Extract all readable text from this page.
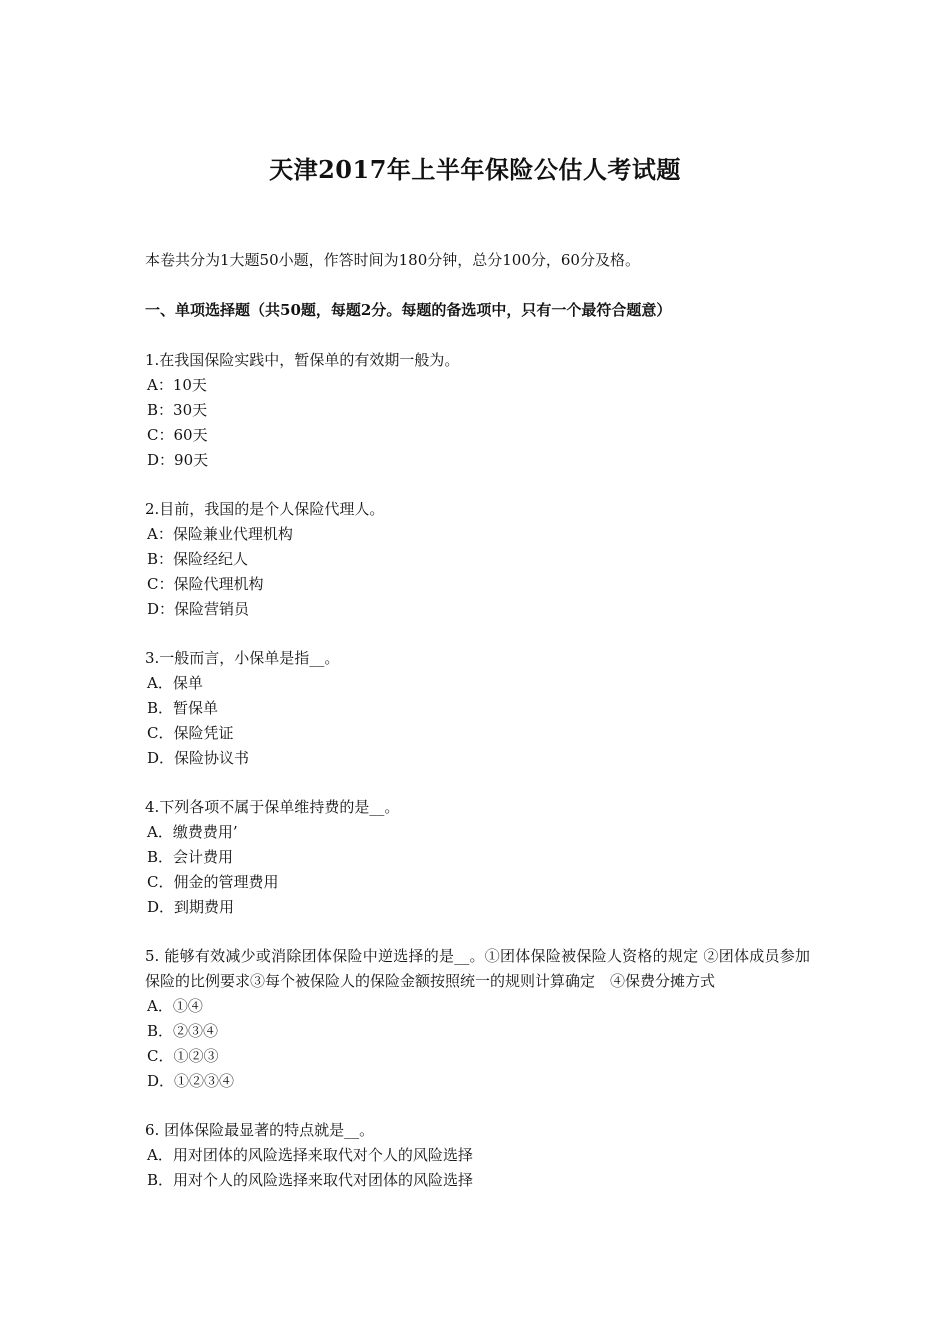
天津2017年上半年保险公估人考试题
本卷共分为1大题50小题，作答时间为180分钟，总分100分，60分及格。
一、单项选择题（共50题，每题2分。每题的备选项中，只有一个最符合题意）

1.在我国保险实践中，暂保单的有效期一般为。

A：10天

B：30天

C：60天

D：90天

2.目前，我国的是个人保险代理人。

A：保险兼业代理机构

B：保险经纪人

C：保险代理机构

D：保险营销员

3.一般而言，小保单是指__。

A．保单

B．暂保单

C．保险凭证

D．保险协议书

4.下列各项不属于保单维持费的是__。

A．缴费费用’

B．会计费用

C．佣金的管理费用

D．到期费用

5. 能够有效减少或消除团体保险中逆选择的是__。①团体保险被保险人资格的规定 ②团体成员参加保险的比例要求③每个被保险人的保险金额按照统一的规则计算确定　④保费分摊方式

A．①④

B．②③④

C．①②③

D．①②③④

6. 团体保险最显著的特点就是__。

A．用对团体的风险选择来取代对个人的风险选择

B．用对个人的风险选择来取代对团体的风险选择
